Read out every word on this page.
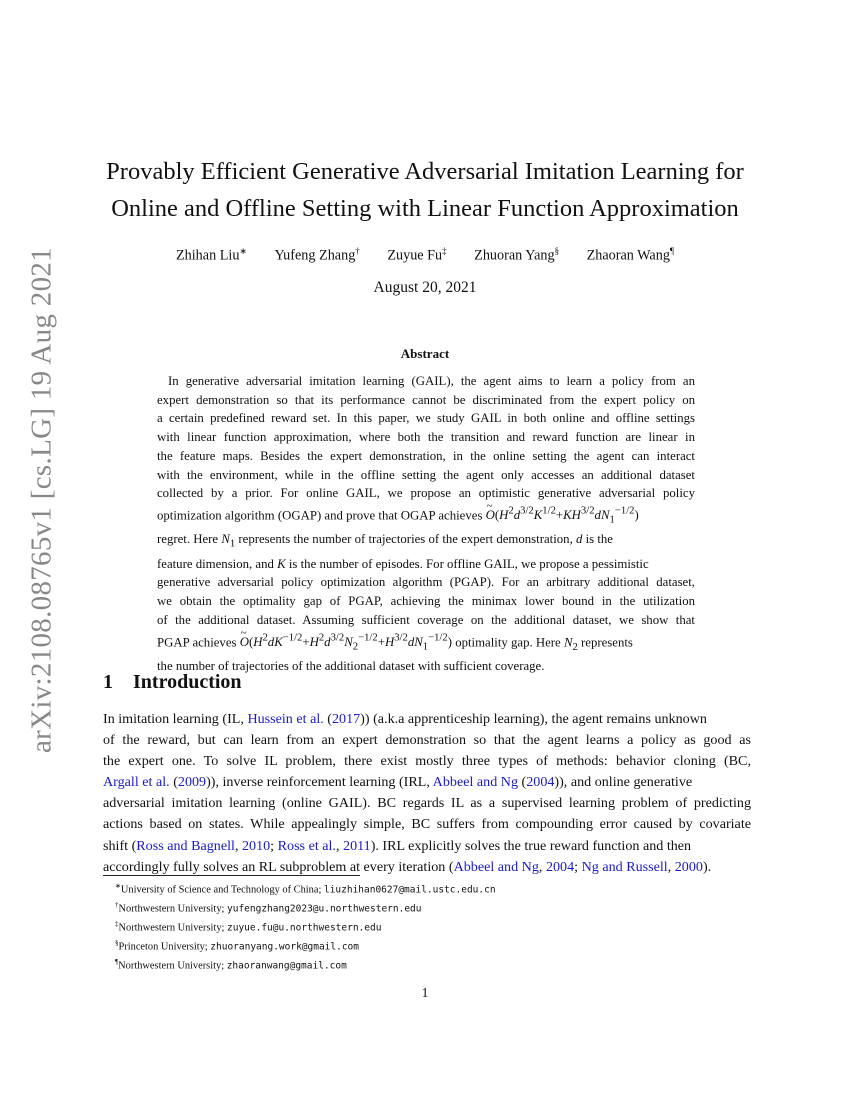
arXiv:2108.08765v1 [cs.LG] 19 Aug 2021
Provably Efficient Generative Adversarial Imitation Learning for
Online and Offline Setting with Linear Function Approximation
Zhihan Liu∗ Yufeng Zhang† Zuyue Fu‡ Zhuoran Yang§ Zhaoran Wang¶
August 20, 2021
Abstract
In generative adversarial imitation learning (GAIL), the agent aims to learn a policy from an
expert demonstration so that its performance cannot be discriminated from the expert policy on
a certain predefined reward set. In this paper, we study GAIL in both online and offline settings
with linear function approximation, where both the transition and reward function are linear in
the feature maps. Besides the expert demonstration, in the online setting the agent can interact
with the environment, while in the offline setting the agent only accesses an additional dataset
collected by a prior. For online GAIL, we propose an optimistic generative adversarial policy
optimization algorithm (OGAP) and prove that OGAP achieves ~ $O(H^2d^{3/2}K^{1/2}+KH^{3/2}dN_1^{-1/2})$
regret. Here $N_1$ represents the number of trajectories of the expert demonstration, d is the
feature dimension, and K is the number of episodes. For offline GAIL, we propose a pessimistic
generative adversarial policy optimization algorithm (PGAP). For an arbitrary additional dataset,
we obtain the optimality gap of PGAP, achieving the minimax lower bound in the utilization
of the additional dataset. Assuming sufficient coverage on the additional dataset, we show that
PGAP achieves ~ $O(H^2dK^{-1/2}+H^2d^{3/2}N_2^{-1/2}+H^{3/2}dN_1^{-1/2})$ optimality gap. Here $N_2$ represents
the number of trajectories of the additional dataset with sufficient coverage.
1 Introduction
In imitation learning (IL, Hussein et al. (2017)) (a.k.a apprenticeship learning), the agent remains unknown
of the reward, but can learn from an expert demonstration so that the agent learns a policy as good as
the expert one. To solve IL problem, there exist mostly three types of methods: behavior cloning (BC,
Argall et al. (2009)), inverse reinforcement learning (IRL, Abbeel and Ng (2004)), and online generative
adversarial imitation learning (online GAIL). BC regards IL as a supervised learning problem of predicting
actions based on states. While appealingly simple, BC suffers from compounding error caused by covariate
shift (Ross and Bagnell, 2010; Ross et al., 2011). IRL explicitly solves the true reward function and then
accordingly fully solves an RL subproblem at every iteration (Abbeel and Ng, 2004; Ng and Russell, 2000).
∗University of Science and Technology of China; liuzhihan0627@mail.ustc.edu.cn
†Northwestern University; yufengzhang2023@u.northwestern.edu
‡Northwestern University; zuyue.fu@u.northwestern.edu
§Princeton University; zhuoranyang.work@gmail.com
¶Northwestern University; zhaoranwang@gmail.com
1
